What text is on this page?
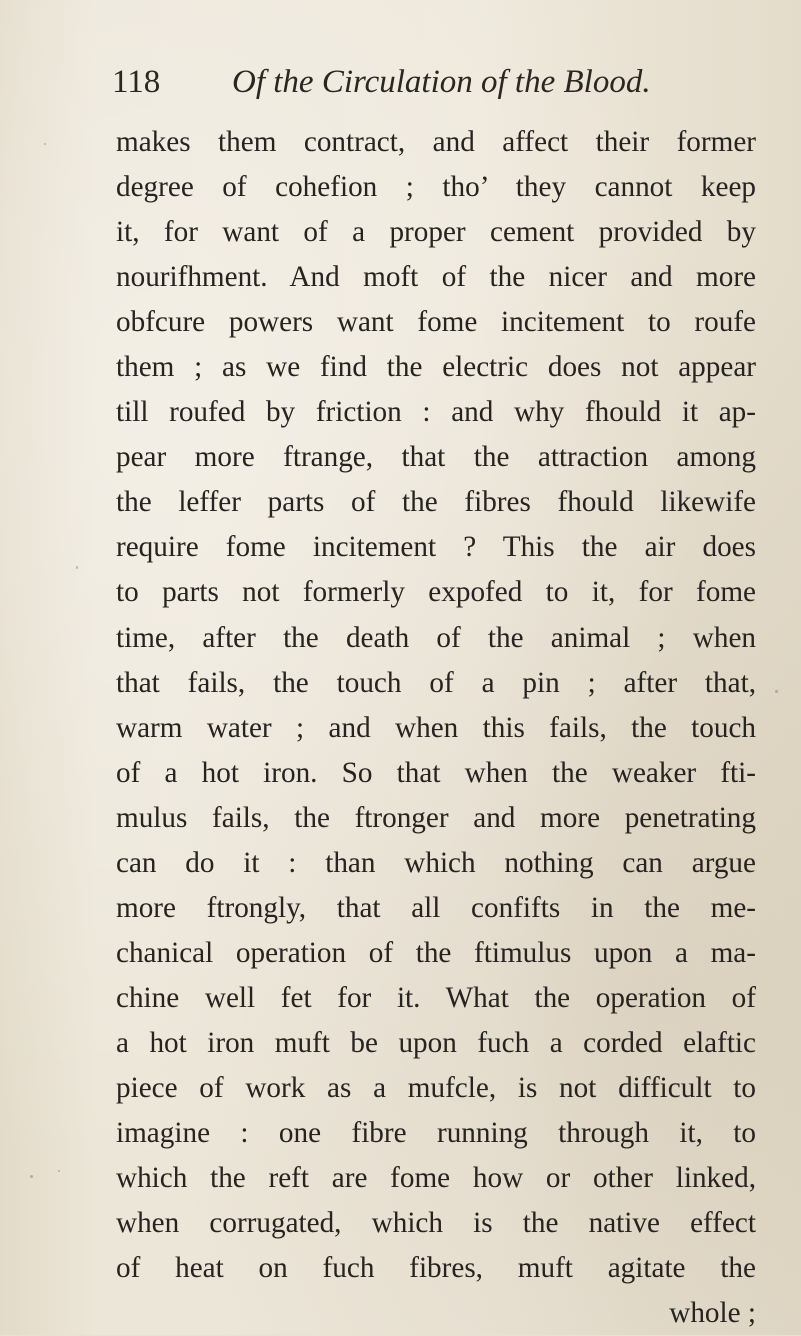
118 Of the Circulation of the Blood.
makes them contract, and affect their former
degree of cohefion ; tho’ they cannot keep
it, for want of a proper cement provided by
nourifhment. And moft of the nicer and more
obfcure powers want fome incitement to roufe
them ; as we find the electric does not appear
till roufed by friction : and why fhould it ap-
pear more ftrange, that the attraction among
the leffer parts of the fibres fhould likewife
require fome incitement ? This the air does
to parts not formerly expofed to it, for fome
time, after the death of the animal ; when
that fails, the touch of a pin ; after that,
warm water ; and when this fails, the touch
of a hot iron. So that when the weaker fti-
mulus fails, the ftronger and more penetrating
can do it : than which nothing can argue
more ftrongly, that all confifts in the me-
chanical operation of the ftimulus upon a ma-
chine well fet for it. What the operation of
a hot iron muft be upon fuch a corded elaftic
piece of work as a mufcle, is not difficult to
imagine : one fibre running through it, to
which the reft are fome how or other linked,
when corrugated, which is the native effect
of heat on fuch fibres, muft agitate the
whole ;
